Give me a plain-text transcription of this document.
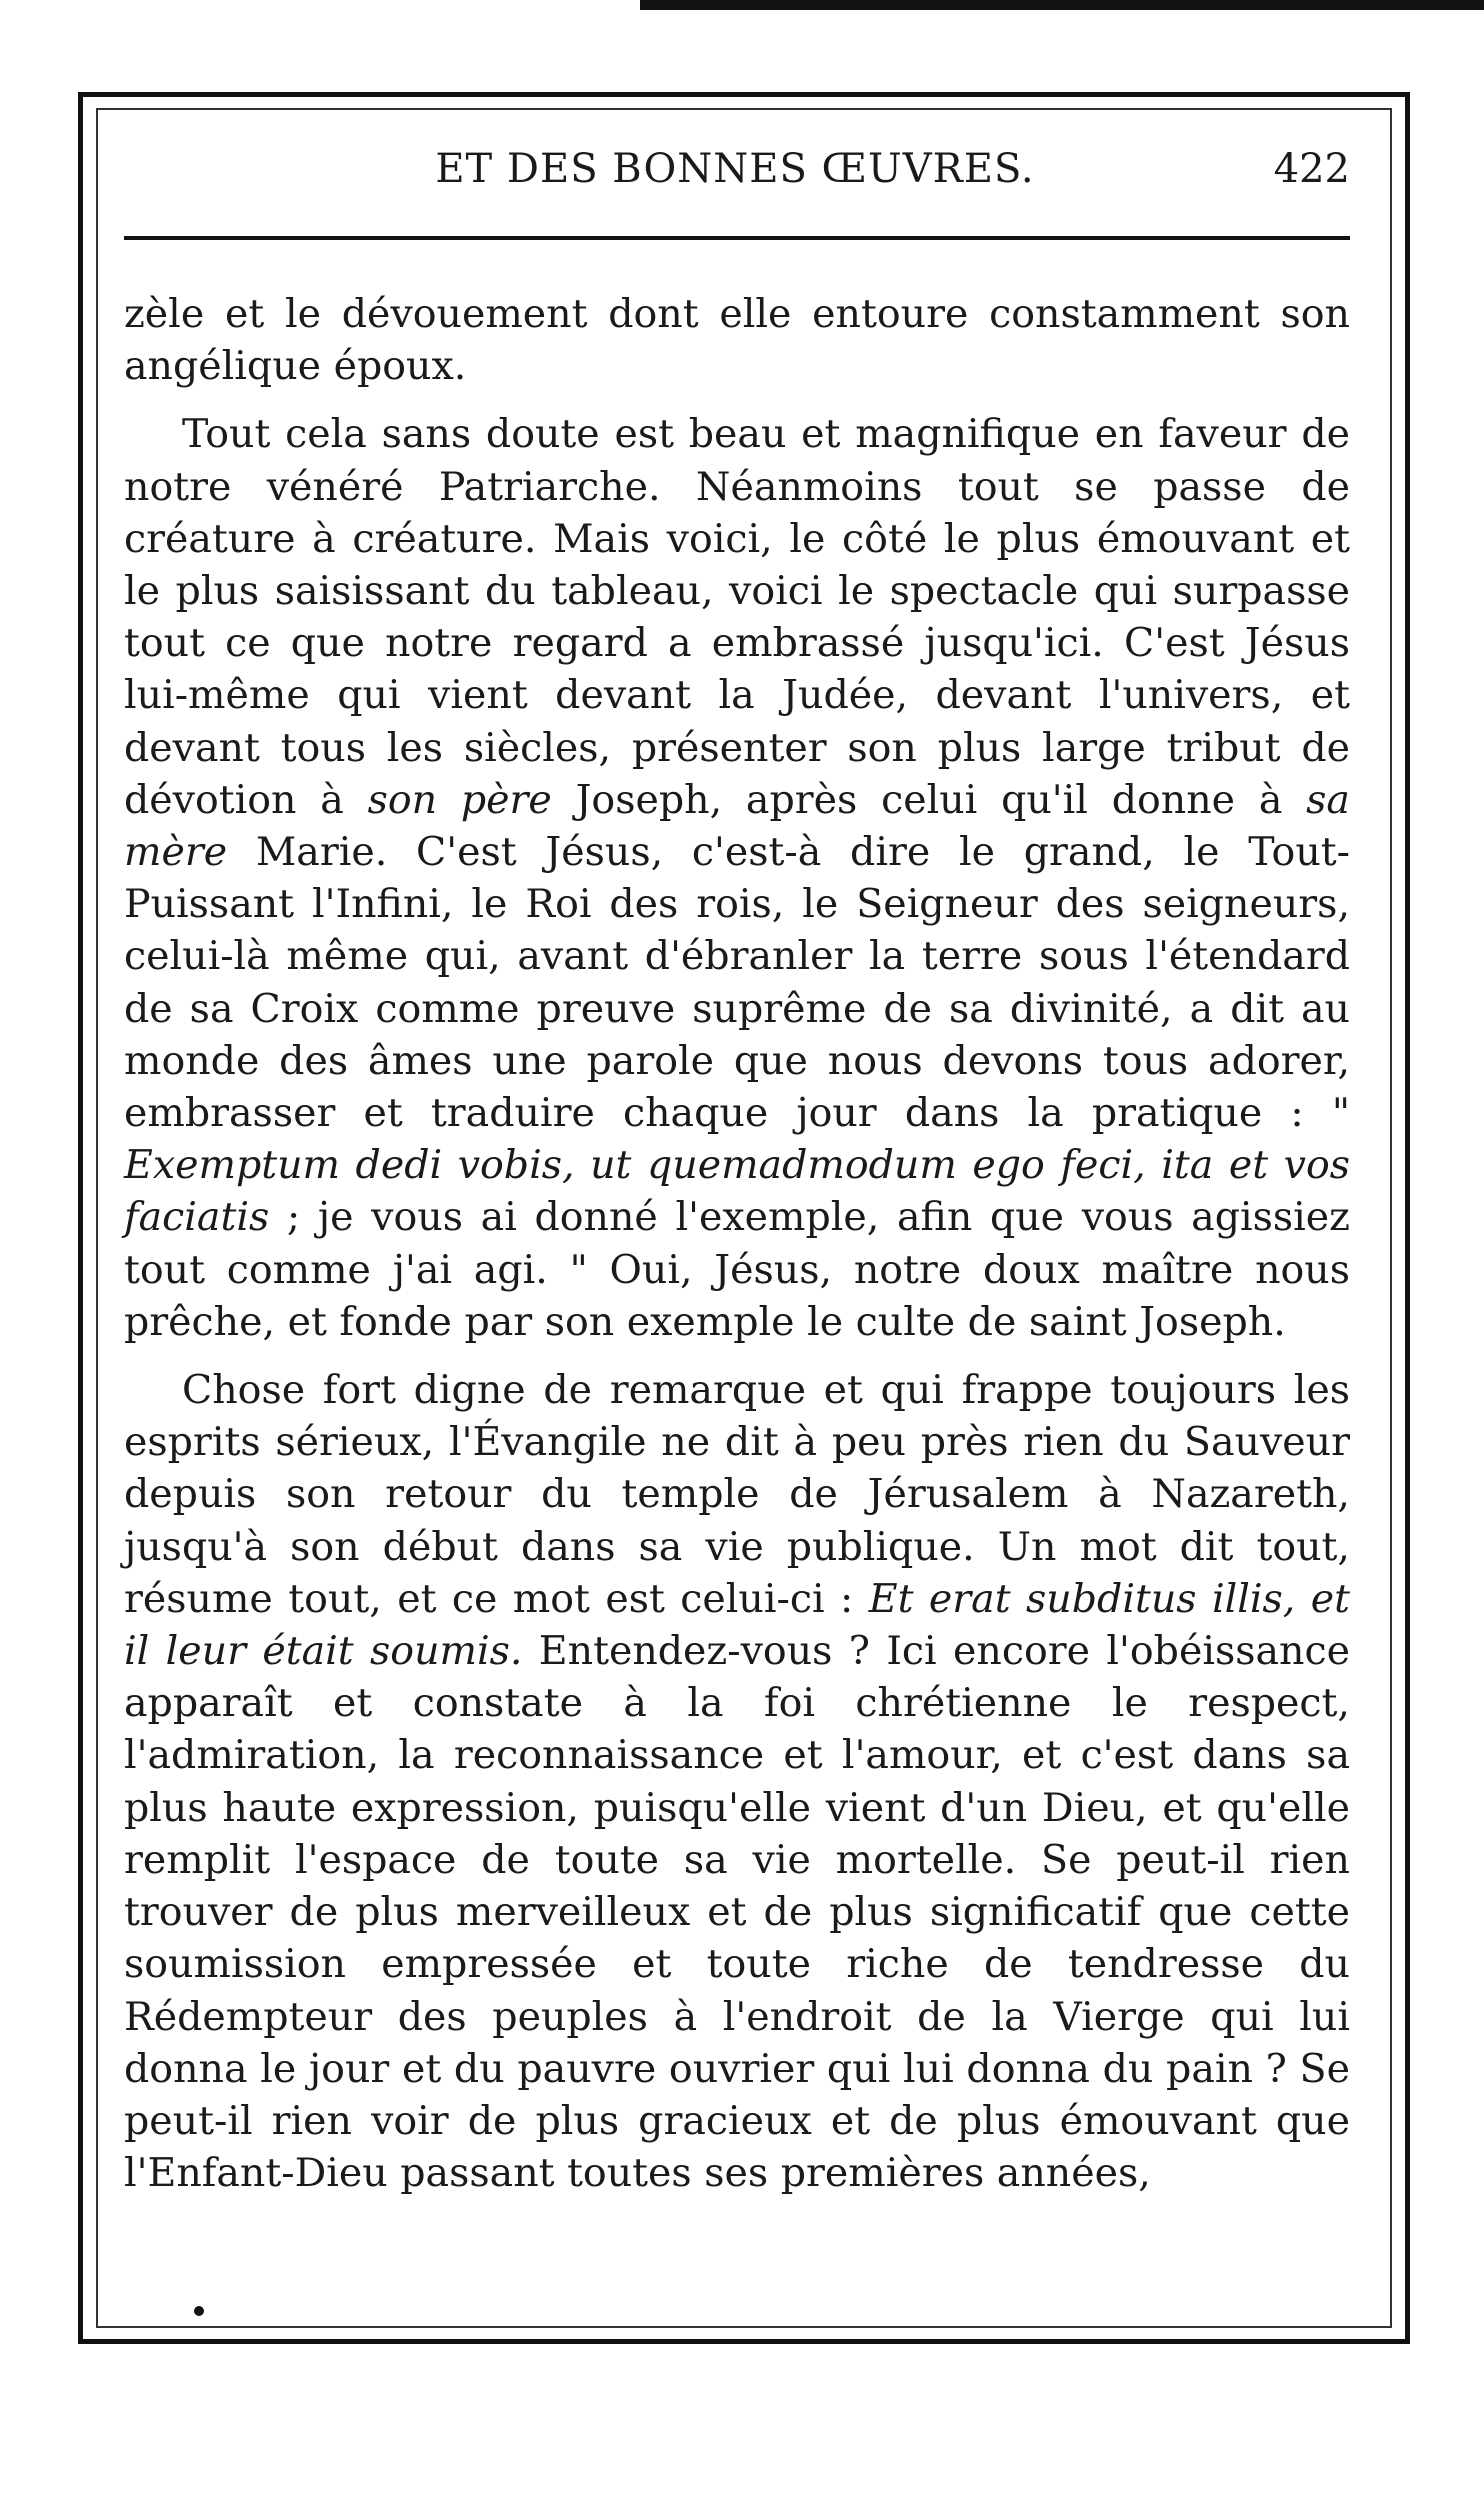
ET DES BONNES ŒUVRES.	422

zèle et le dévouement dont elle entoure constamment son angélique époux.

Tout cela sans doute est beau et magnifique en faveur de notre vénéré Patriarche. Néanmoins tout se passe de créature à créature. Mais voici, le côté le plus émouvant et le plus saisissant du tableau, voici le spectacle qui surpasse tout ce que notre regard a embrassé jusqu'ici. C'est Jésus lui-même qui vient devant la Judée, devant l'univers, et devant tous les siècles, présenter son plus large tribut de dévotion à son père Joseph, après celui qu'il donne à sa mère Marie. C'est Jésus, c'est-à dire le grand, le Tout-Puissant l'Infini, le Roi des rois, le Seigneur des seigneurs, celui-là même qui, avant d'ébranler la terre sous l'étendard de sa Croix comme preuve suprême de sa divinité, a dit au monde des âmes une parole que nous devons tous adorer, embrasser et traduire chaque jour dans la pratique : " Exemptum dedi vobis, ut quemadmodum ego feci, ita et vos faciatis ; je vous ai donné l'exemple, afin que vous agissiez tout comme j'ai agi. " Oui, Jésus, notre doux maître nous prêche, et fonde par son exemple le culte de saint Joseph.

Chose fort digne de remarque et qui frappe toujours les esprits sérieux, l'Évangile ne dit à peu près rien du Sauveur depuis son retour du temple de Jérusalem à Nazareth, jusqu'à son début dans sa vie publique. Un mot dit tout, résume tout, et ce mot est celui-ci : Et erat subditus illis, et il leur était soumis. Entendez-vous ? Ici encore l'obéissance apparaît et constate à la foi chrétienne le respect, l'admiration, la reconnaissance et l'amour, et c'est dans sa plus haute expression, puisqu'elle vient d'un Dieu, et qu'elle remplit l'espace de toute sa vie mortelle. Se peut-il rien trouver de plus merveilleux et de plus significatif que cette soumission empressée et toute riche de tendresse du Rédempteur des peuples à l'endroit de la Vierge qui lui donna le jour et du pauvre ouvrier qui lui donna du pain ? Se peut-il rien voir de plus gracieux et de plus émouvant que l'Enfant-Dieu passant toutes ses premières années,
